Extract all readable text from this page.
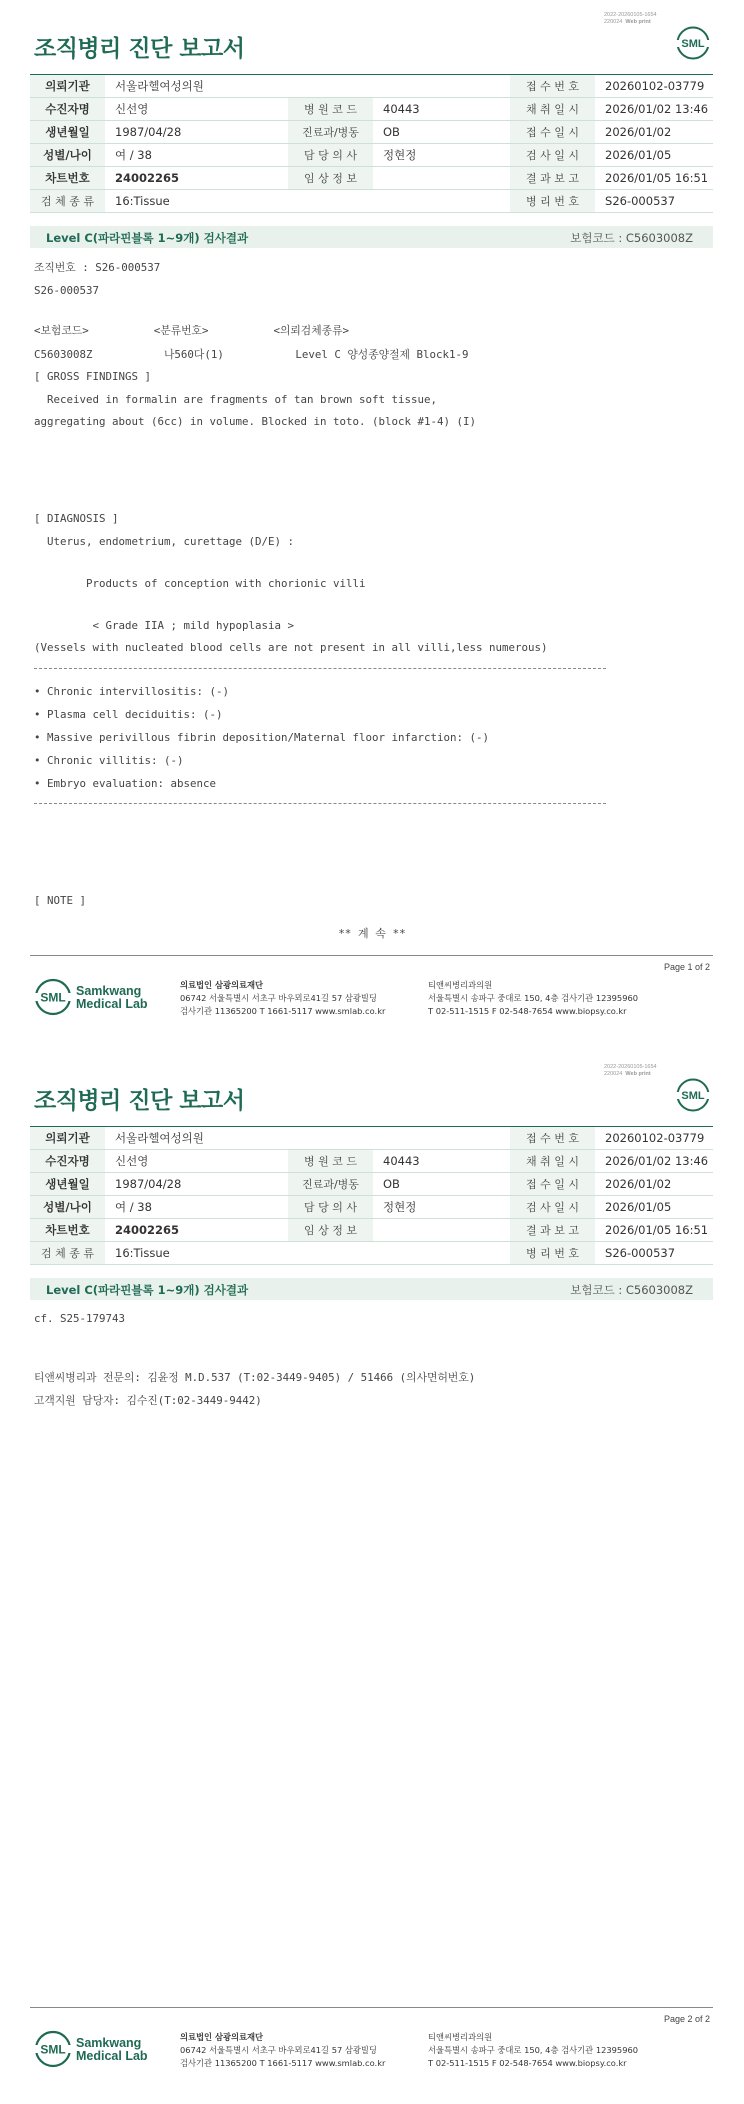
2022-20260105-1654
220024 Web print
SML
조직병리 진단 보고서
의뢰기관	서울라헬여성의원			접 수 번 호	20260102-03779
수진자명	신선영	병 원 코 드	40443	채 취 일 시	2026/01/02 13:46
생년월일	1987/04/28	진료과/병동	OB	접 수 일 시	2026/01/02
성별/나이	여 / 38	담 당 의 사	정현정	검 사 일 시	2026/01/05
차트번호	24002265	임 상 정 보		결 과 보 고	2026/01/05 16:51
검 체 종 류	16:Tissue			병 리 번 호	S26-000537
Level C(파라핀블록 1~9개) 검사결과	보험코드 : C5603008Z
조직번호 : S26-000537
S26-000537
<보험코드>          <분류번호>          <의뢰검체종류>
C5603008Z           나560다(1)           Level C 양성종양절제 Block1-9
[ GROSS FINDINGS ]
Received in formalin are fragments of tan brown soft tissue,
aggregating about (6cc) in volume. Blocked in toto. (block #1-4) (I)
[ DIAGNOSIS ]
Uterus, endometrium, curettage (D/E) :
Products of conception with chorionic villi
< Grade IIA ; mild hypoplasia >
(Vessels with nucleated blood cells are not present in all villi,less numerous)
• Chronic intervillositis: (-)
• Plasma cell deciduitis: (-)
• Massive perivillous fibrin deposition/Maternal floor infarction: (-)
• Chronic villitis: (-)
• Embryo evaluation: absence
[ NOTE ]
** 계 속 **
Page 1 of 2
SML Samkwang
Medical Lab
의료법인 삼광의료재단
06742 서울특별시 서초구 바우뫼로41길 57 삼광빌딩
검사기관 11365200 T 1661-5117 www.smlab.co.kr
티앤씨병리과의원
서울특별시 송파구 중대로 150, 4층 검사기관 12395960
T 02-511-1515 F 02-548-7654 www.biopsy.co.kr
2022-20260105-1654
220024 Web print
SML
조직병리 진단 보고서
의뢰기관	서울라헬여성의원			접 수 번 호	20260102-03779
수진자명	신선영	병 원 코 드	40443	채 취 일 시	2026/01/02 13:46
생년월일	1987/04/28	진료과/병동	OB	접 수 일 시	2026/01/02
성별/나이	여 / 38	담 당 의 사	정현정	검 사 일 시	2026/01/05
차트번호	24002265	임 상 정 보		결 과 보 고	2026/01/05 16:51
검 체 종 류	16:Tissue			병 리 번 호	S26-000537
Level C(파라핀블록 1~9개) 검사결과	보험코드 : C5603008Z
cf. S25-179743
티앤씨병리과 전문의: 김윤정 M.D.537 (T:02-3449-9405) / 51466 (의사면허번호)
고객지원 담당자: 김수진(T:02-3449-9442)
Page 2 of 2
SML Samkwang
Medical Lab
의료법인 삼광의료재단
06742 서울특별시 서초구 바우뫼로41길 57 삼광빌딩
검사기관 11365200 T 1661-5117 www.smlab.co.kr
티앤씨병리과의원
서울특별시 송파구 중대로 150, 4층 검사기관 12395960
T 02-511-1515 F 02-548-7654 www.biopsy.co.kr
